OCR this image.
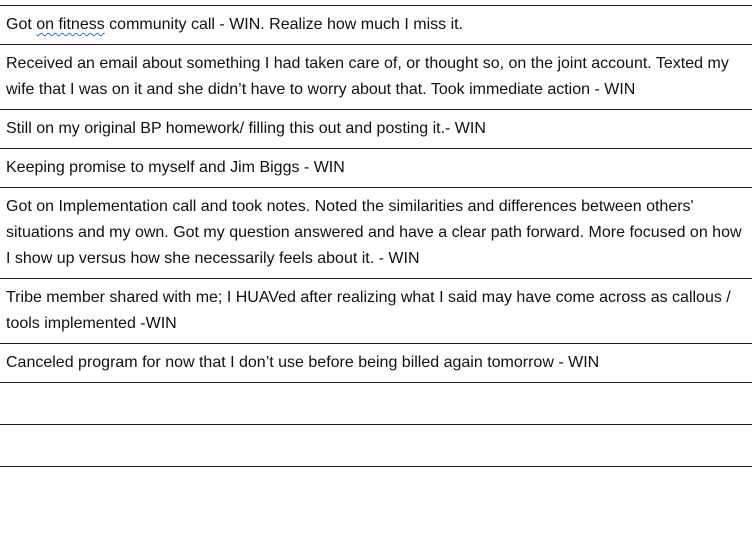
Got on fitness community call - WIN. Realize how much I miss it.
Received an email about something I had taken care of, or thought so, on the joint account. Texted my wife that I was on it and she didn’t have to worry about that. Took immediate action - WIN
Still on my original BP homework/ filling this out and posting it.- WIN
Keeping promise to myself and Jim Biggs - WIN
Got on Implementation call and took notes. Noted the similarities and differences between others' situations and my own. Got my question answered and have a clear path forward. More focused on how I show up versus how she necessarily feels about it. - WIN
Tribe member shared with me; I HUAVed after realizing what I said may have come across as callous / tools implemented -WIN
Canceled program for now that I don’t use before being billed again tomorrow - WIN
